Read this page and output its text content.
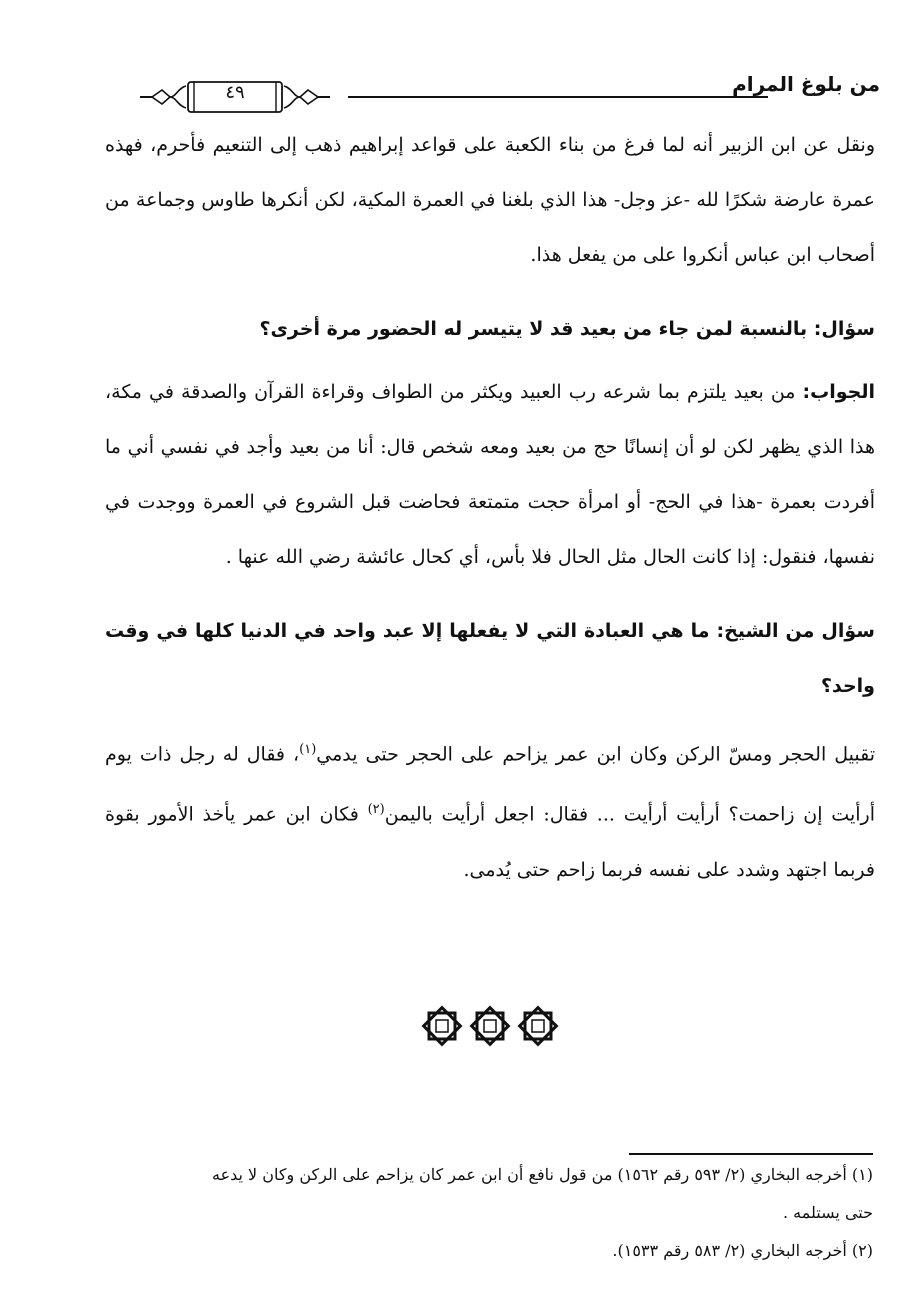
من بلوغ المرام
٤٩

ونقل عن ابن الزبير أنه لما فرغ من بناء الكعبة على قواعد إبراهيم ذهب إلى التنعيم فأحرم، فهذه عمرة عارضة شكرًا لله -عز وجل- هذا الذي بلغنا في العمرة المكية، لكن أنكرها طاوس وجماعة من أصحاب ابن عباس أنكروا على من يفعل هذا.

سؤال: بالنسبة لمن جاء من بعيد قد لا يتيسر له الحضور مرة أخرى؟

الجواب: من بعيد يلتزم بما شرعه رب العبيد ويكثر من الطواف وقراءة القرآن والصدقة في مكة، هذا الذي يظهر لكن لو أن إنسانًا حج من بعيد ومعه شخص قال: أنا من بعيد وأجد في نفسي أني ما أفردت بعمرة -هذا في الحج- أو امرأة حجت متمتعة فحاضت قبل الشروع في العمرة ووجدت في نفسها، فنقول: إذا كانت الحال مثل الحال فلا بأس، أي كحال عائشة رضي الله عنها .

سؤال من الشيخ: ما هي العبادة التي لا يفعلها إلا عبد واحد في الدنيا كلها في وقت واحد؟

تقبيل الحجر ومسّ الركن وكان ابن عمر يزاحم على الحجر حتى يدمي$^{(١)}$، فقال له رجل ذات يوم أرأيت إن زاحمت؟ أرأيت أرأيت ... فقال: اجعل أرأيت باليمن$^{(٢)}$ فكان ابن عمر يأخذ الأمور بقوة فربما اجتهد وشدد على نفسه فربما زاحم حتى يُدمى.

(١) أخرجه البخاري (٢/ ٥٩٣ رقم ١٥٦٢) من قول نافع أن ابن عمر كان يزاحم على الركن وكان لا يدعه

حتى يستلمه .

(٢) أخرجه البخاري (٢/ ٥٨٣ رقم ١٥٣٣).
